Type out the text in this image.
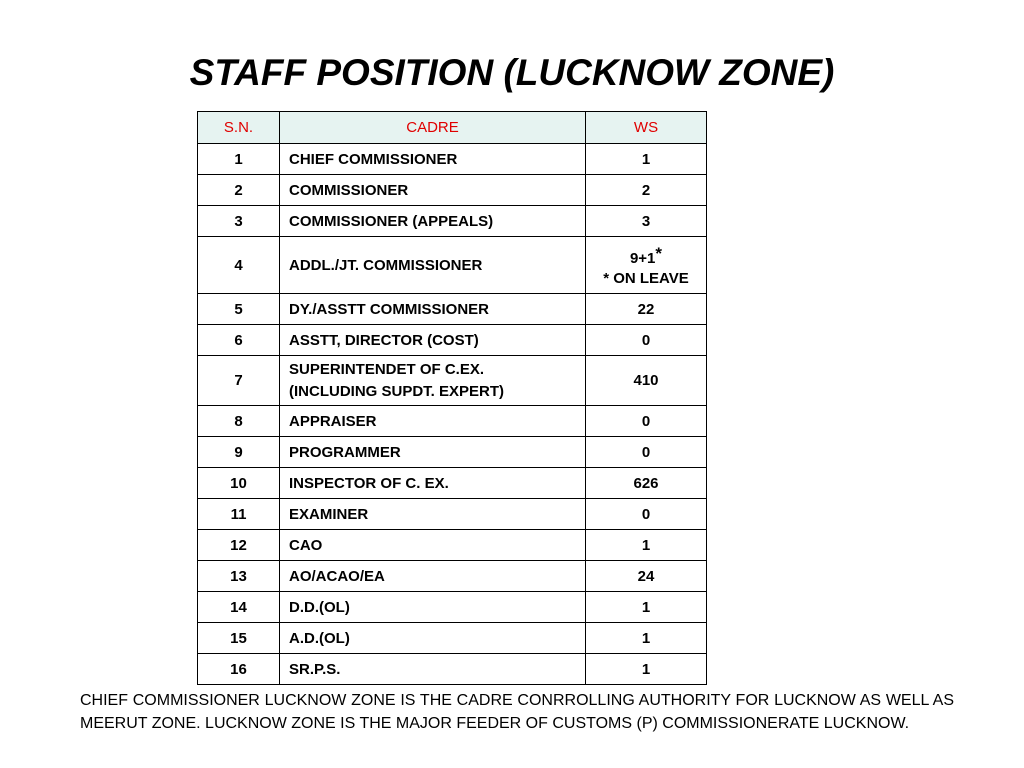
STAFF POSITION (LUCKNOW ZONE)
S.N.	CADRE	WS
1	CHIEF COMMISSIONER	1
2	COMMISSIONER	2
3	COMMISSIONER (APPEALS)	3
4	ADDL./JT. COMMISSIONER	9+1*
* ON LEAVE

5	DY./ASSTT COMMISSIONER	22
6	ASSTT, DIRECTOR (COST)	0
7	SUPERINTENDET OF C.EX.
(INCLUDING SUPDT. EXPERT)	410
8	APPRAISER	0
9	PROGRAMMER	0
10	INSPECTOR OF C. EX.	626
11	EXAMINER	0
12	CAO	1
13	AO/ACAO/EA	24
14	D.D.(OL)	1
15	A.D.(OL)	1
16	SR.P.S.	1
CHIEF COMMISSIONER LUCKNOW ZONE IS THE CADRE CONRROLLING AUTHORITY FOR LUCKNOW AS WELL AS MEERUT ZONE. LUCKNOW ZONE IS THE MAJOR FEEDER OF CUSTOMS (P) COMMISSIONERATE LUCKNOW.
